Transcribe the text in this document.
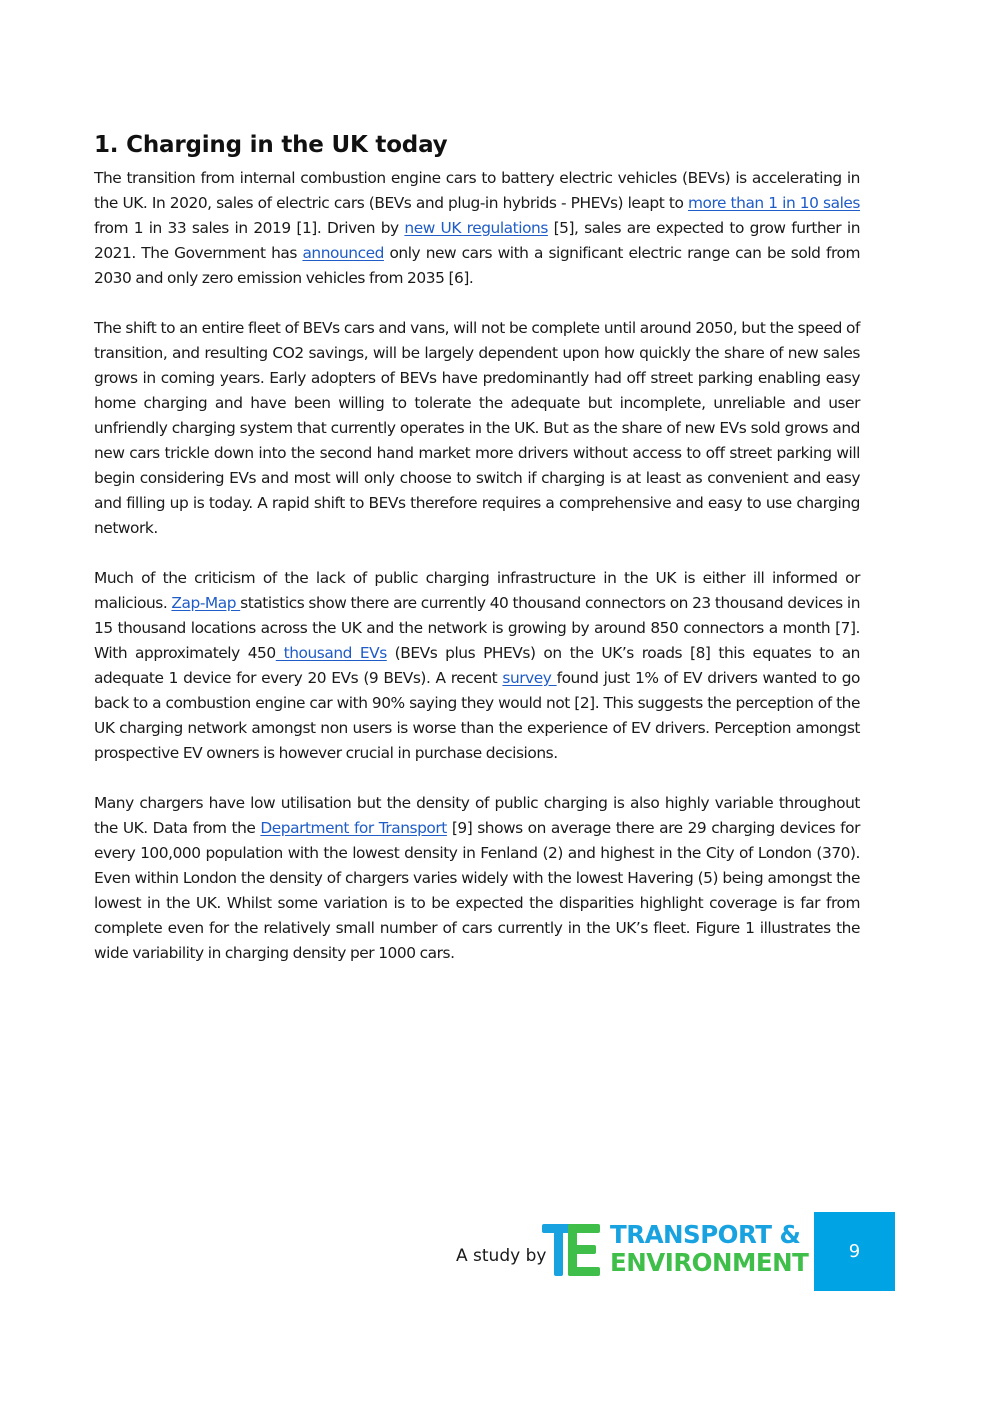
1. Charging in the UK today

The transition from internal combustion engine cars to battery electric vehicles (BEVs) is accelerating in the UK. In 2020, sales of electric cars (BEVs and plug-in hybrids - PHEVs) leapt to more than 1 in 10 sales from 1 in 33 sales in 2019 [1]. Driven by new UK regulations [5], sales are expected to grow further in 2021. The Government has announced only new cars with a significant electric range can be sold from 2030 and only zero emission vehicles from 2035 [6].

The shift to an entire fleet of BEVs cars and vans, will not be complete until around 2050, but the speed of transition, and resulting CO2 savings, will be largely dependent upon how quickly the share of new sales grows in coming years. Early adopters of BEVs have predominantly had off street parking enabling easy home charging and have been willing to tolerate the adequate but incomplete, unreliable and user unfriendly charging system that currently operates in the UK. But as the share of new EVs sold grows and new cars trickle down into the second hand market more drivers without access to off street parking will begin considering EVs and most will only choose to switch if charging is at least as convenient and easy and filling up is today. A rapid shift to BEVs therefore requires a comprehensive and easy to use charging network.

Much of the criticism of the lack of public charging infrastructure in the UK is either ill informed or malicious. Zap-Map statistics show there are currently 40 thousand connectors on 23 thousand devices in 15 thousand locations across the UK and the network is growing by around 850 connectors a month [7]. With approximately 450 thousand EVs (BEVs plus PHEVs) on the UK’s roads [8] this equates to an adequate 1 device for every 20 EVs (9 BEVs). A recent survey found just 1% of EV drivers wanted to go back to a combustion engine car with 90% saying they would not [2]. This suggests the perception of the UK charging network amongst non users is worse than the experience of EV drivers. Perception amongst prospective EV owners is however crucial in purchase decisions.

Many chargers have low utilisation but the density of public charging is also highly variable throughout the UK. Data from the Department for Transport [9] shows on average there are 29 charging devices for every 100,000 population with the lowest density in Fenland (2) and highest in the City of London (370). Even within London the density of chargers varies widely with the lowest Havering (5) being amongst the lowest in the UK. Whilst some variation is to be expected the disparities highlight coverage is far from complete even for the relatively small number of cars currently in the UK’s fleet. Figure 1 illustrates the wide variability in charging density per 1000 cars.

A study by
TRANSPORT &
ENVIRONMENT 9
